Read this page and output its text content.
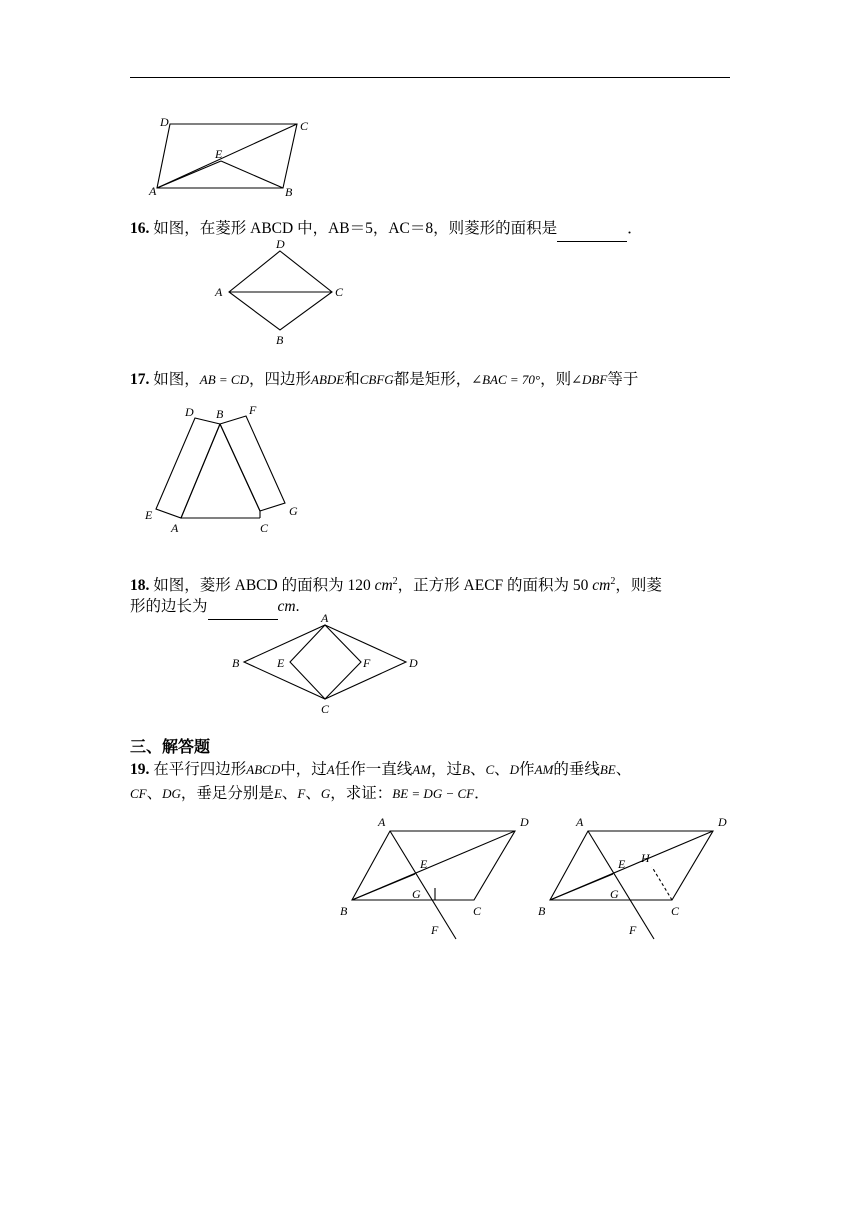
D	C
E
A	B
16. 如图，在菱形 ABCD 中，AB＝5，AC＝8，则菱形的面积是	．
D
A	C
B
17. 如图，AB = CD，四边形ABDE和CBFG都是矩形，∠BAC = 70°，则∠DBF等于
D B F
E
A	C
G
18. 如图，菱形 ABCD 的面积为 120 $cm^2$，正方形 AECF 的面积为 50 $cm^2$，则菱
形的边长为	cm.
A
B	E	F	D
C
三、解答题
19. 在平行四边形ABCD中，过A任作一直线AM，过B、C、D作AM的垂线BE、
CF、DG，垂足分别是E、F、G，求证：BE = DG − CF．
A	D
E
G
B	C
F
A	D
E H
G
B	C
F
